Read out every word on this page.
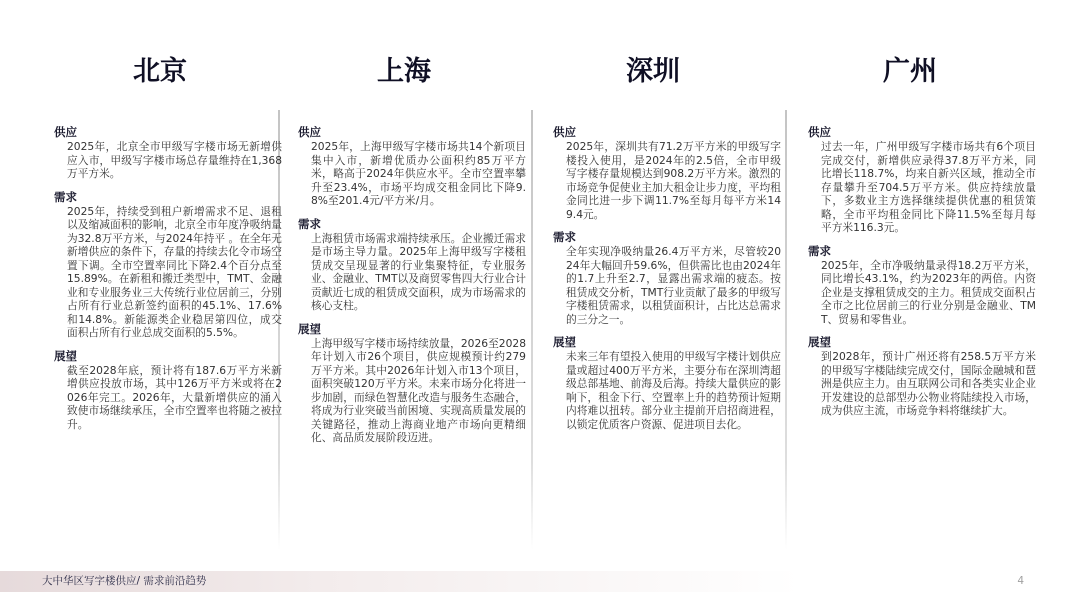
北京	上海	深圳	广州

供应

2025年，北京全市甲级写字楼市场无新增供应入市，甲级写字楼市场总存量维持在1,368万平方米。

需求

2025年，持续受到租户新增需求不足、退租以及缩减面积的影响，北京全市年度净吸纳量为32.8万平方米，与2024年持平 。在全年无新增供应的条件下，存量的持续去化令市场空置下调。全市空置率同比下降2.4个百分点至15.89%。在新租和搬迁类型中，TMT、金融业和专业服务业三大传统行业位居前三，分别占所有行业总新签约面积的45.1%、17.6%和14.8%。新能源类企业稳居第四位，成交面积占所有行业总成交面积的5.5%。

展望

截至2028年底，预计将有187.6万平方米新增供应投放市场，其中126万平方米或将在2026年完工。2026年，大量新增供应的涌入致使市场继续承压，全市空置率也将随之被拉升。

供应

2025年，上海甲级写字楼市场共14个新项目集中入市，新增优质办公面积约85万平方米，略高于2024年供应水平。全市空置率攀升至23.4%，市场平均成交租金同比下降9.8%至201.4元/平方米/月。

需求

上海租赁市场需求端持续承压。企业搬迁需求是市场主导力量。2025年上海甲级写字楼租赁成交呈现显著的行业集聚特征，专业服务业、金融业、TMT以及商贸零售四大行业合计贡献近七成的租赁成交面积，成为市场需求的核心支柱。

展望

上海甲级写字楼市场持续放量，2026至2028年计划入市26个项目，供应规模预计约279万平方米。其中2026年计划入市13个项目，面积突破120万平方米。未来市场分化将进一步加剧，而绿色智慧化改造与服务生态融合，将成为行业突破当前困境、实现高质量发展的关键路径，推动上海商业地产市场向更精细化、高品质发展阶段迈进。

供应

2025年，深圳共有71.2万平方米的甲级写字楼投入使用，是2024年的2.5倍，全市甲级写字楼存量规模达到908.2万平方米。激烈的市场竞争促使业主加大租金让步力度，平均租金同比进一步下调11.7%至每月每平方米149.4元。

需求

全年实现净吸纳量26.4万平方米，尽管较2024年大幅回升59.6%，但供需比也由2024年的1.7上升至2.7，显露出需求端的疲态。按租赁成交分析，TMT行业贡献了最多的甲级写字楼租赁需求，以租赁面积计，占比达总需求的三分之一。

展望

未来三年有望投入使用的甲级写字楼计划供应量或超过400万平方米，主要分布在深圳湾超级总部基地、前海及后海。持续大量供应的影响下，租金下行、空置率上升的趋势预计短期内将难以扭转。部分业主提前开启招商进程，以锁定优质客户资源、促进项目去化。

供应

过去一年，广州甲级写字楼市场共有6个项目完成交付，新增供应录得37.8万平方米，同比增长118.7%，均来自新兴区域，推动全市存量攀升至704.5万平方米。供应持续放量下，多数业主方选择继续提供优惠的租赁策略，全市平均租金同比下降11.5%至每月每平方米116.3元。

需求

2025年，全市净吸纳量录得18.2万平方米，同比增长43.1%，约为2023年的两倍。内资企业是支撑租赁成交的主力。租赁成交面积占全市之比位居前三的行业分别是金融业、TMT、贸易和零售业。

展望

到2028年，预计广州还将有258.5万平方米的甲级写字楼陆续完成交付，国际金融城和琶洲是供应主力。由互联网公司和各类实业企业开发建设的总部型办公物业将陆续投入市场，成为供应主流，市场竞争料将继续扩大。

大中华区写字楼供应/ 需求前沿趋势	4
